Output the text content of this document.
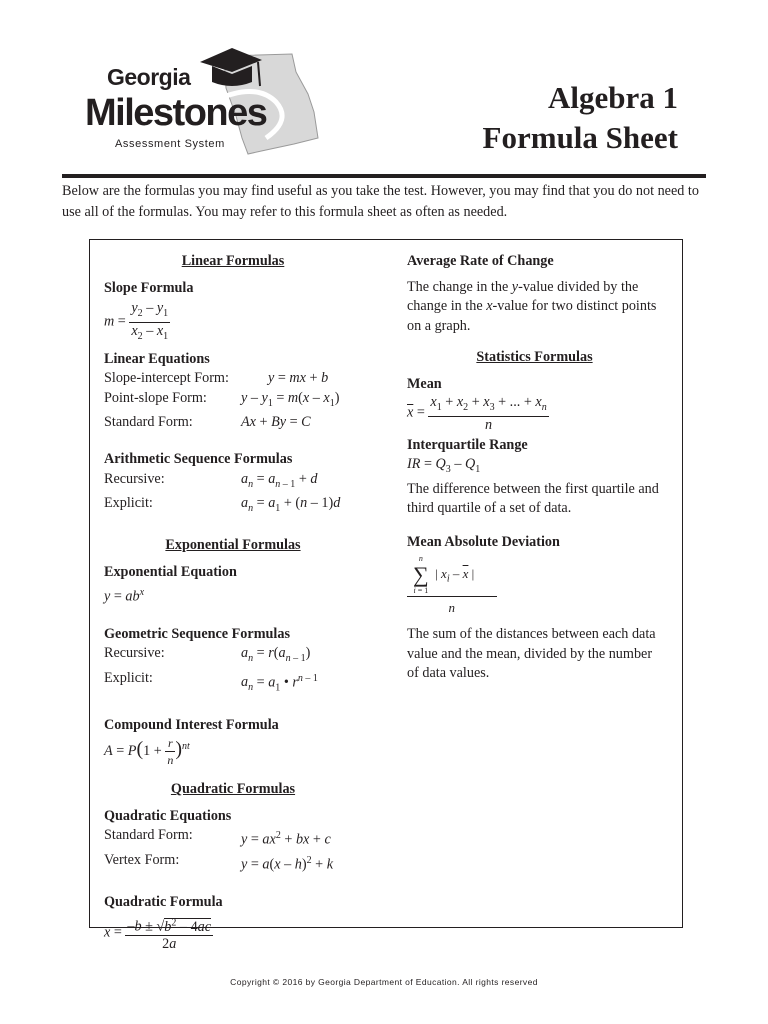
Georgia
Milestones
Assessment System
Algebra 1
Formula Sheet
Below are the formulas you may find useful as you take the test. However, you may find that you do not need to use all of the formulas. You may refer to this formula sheet as often as needed.
Linear Formulas
Slope Formula
$m = \frac{y_2 - y_1}{x_2 - x_1}$
Linear Equations
Slope-intercept Form:	y = mx + b
Point-slope Form:	$y - y_1 = m(x - x_1)$
Standard Form:	Ax + By = C
Arithmetic Sequence Formulas
Recursive:	$a_n = a_{n - 1} + d$
Explicit:	$a_n = a_1 + (n - 1)d$
Exponential Formulas
Exponential Equation
$y = ab^x$
Geometric Sequence Formulas
Recursive:	$a_n = r(a_{n - 1})$
Explicit:	$a_n = a_1$ • $r^{n - 1}$
Compound Interest Formula
$A = P(1 + \frac{r}{n} )^{nt}$
Quadratic Formulas
Quadratic Equations
Standard Form:	$y = ax^2$ + bx + c
Vertex Form:	y = a(x – h)$^2$ + k
Quadratic Formula
$x = \frac{-b \pm √b^2 - 4ac}{2a}$
Average Rate of Change
The change in the y-value divided by the change in the x-value for two distinct points on a graph.
Statistics Formulas
Mean
$\overline{x} = \frac{x_1 + x_2 + x_3 + ... + x_n}{n}$
Interquartile Range
IR = $Q_3 - Q_1$
The difference between the first quartile and third quartile of a set of data.
Mean Absolute Deviation
n
∑
i = 1
| $x_i - \overline{x}$ |
n
The sum of the distances between each data value and the mean, divided by the number of data values.
Copyright © 2016 by Georgia Department of Education. All rights reserved
